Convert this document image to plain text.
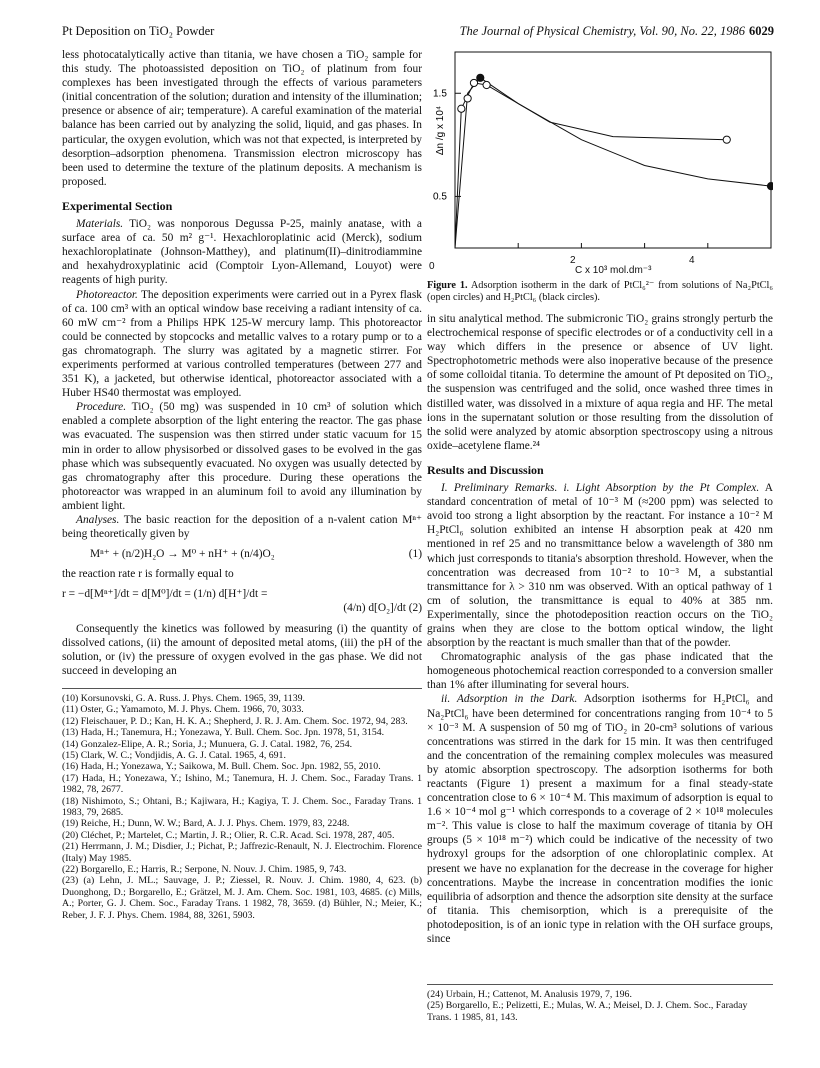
Pt Deposition on TiO₂ Powder	The Journal of Physical Chemistry, Vol. 90, No. 22, 1986 6029

less photocatalytically active than titania, we have chosen a TiO₂ sample for this study. The photoassisted deposition on TiO₂ of platinum from four complexes has been investigated through the effects of various parameters (initial concentration of the solution; duration and intensity of the illumination; presence or absence of air; temperature). A careful examination of the material balance has been carried out by analyzing the solid, liquid, and gas phases. In particular, the oxygen evolution, which was not that expected, is interpreted by desorption–adsorption phenomena. Transmission electron microscopy has been used to determine the texture of the platinum deposits. A mechanism is proposed.

Experimental Section

Materials. TiO₂ was nonporous Degussa P-25, mainly anatase, with a surface area of ca. 50 m² g⁻¹. Hexachloroplatinic acid (Merck), sodium hexachloroplatinate (Johnson-Matthey), and platinum(II)–dinitrodiammine and hexahydroxyplatinic acid (Comptoir Lyon-Allemand, Louyot) were reagents of high purity.

Photoreactor. The deposition experiments were carried out in a Pyrex flask of ca. 100 cm³ with an optical window base receiving a radiant intensity of ca. 60 mW cm⁻² from a Philips HPK 125-W mercury lamp. This photoreactor could be connected by stopcocks and metallic valves to a rotary pump or to a gas chromatograph. The slurry was agitated by a magnetic stirrer. For experiments performed at various controlled temperatures (between 277 and 351 K), a jacketed, but otherwise identical, photoreactor associated with a Huber HS40 thermostat was employed.

Procedure. TiO₂ (50 mg) was suspended in 10 cm³ of solution which enabled a complete absorption of the light entering the reactor. The gas phase was evacuated. The suspension was then stirred under static vacuum for 15 min in order to allow physisorbed or dissolved gases to be evolved in the gas phase which was subsequently evacuated. No oxygen was usually detected by gas chromatography after this procedure. During these operations the photoreactor was wrapped in an aluminum foil to avoid any illumination by ambient light.

Analyses. The basic reaction for the deposition of a n-valent cation Mⁿ⁺ being theoretically given by

Mⁿ⁺ + (n/2)H₂O → M⁰ + nH⁺ + (n/4)O₂	(1)

the reaction rate r is formally equal to

r = −d[Mⁿ⁺]/dt = d[M⁰]/dt = (1/n) d[H⁺]/dt =
(4/n) d[O₂]/dt (2)

Consequently the kinetics was followed by measuring (i) the quantity of dissolved cations, (ii) the amount of deposited metal atoms, (iii) the pH of the solution, or (iv) the pressure of oxygen evolved in the gas phase. We did not succeed in developing an

(10) Korsunovski, G. A. Russ. J. Phys. Chem. 1965, 39, 1139.
(11) Oster, G.; Yamamoto, M. J. Phys. Chem. 1966, 70, 3033.
(12) Fleischauer, P. D.; Kan, H. K. A.; Shepherd, J. R. J. Am. Chem. Soc. 1972, 94, 283.
(13) Hada, H.; Tanemura, H.; Yonezawa, Y. Bull. Chem. Soc. Jpn. 1978, 51, 3154.
(14) Gonzalez-Elipe, A. R.; Soria, J.; Munuera, G. J. Catal. 1982, 76, 254.
(15) Clark, W. C.; Vondjidis, A. G. J. Catal. 1965, 4, 691.
(16) Hada, H.; Yonezawa, Y.; Saikowa, M. Bull. Chem. Soc. Jpn. 1982, 55, 2010.
(17) Hada, H.; Yonezawa, Y.; Ishino, M.; Tanemura, H. J. Chem. Soc., Faraday Trans. 1 1982, 78, 2677.
(18) Nishimoto, S.; Ohtani, B.; Kajiwara, H.; Kagiya, T. J. Chem. Soc., Faraday Trans. 1 1983, 79, 2685.
(19) Reiche, H.; Dunn, W. W.; Bard, A. J. J. Phys. Chem. 1979, 83, 2248.
(20) Cléchet, P.; Martelet, C.; Martin, J. R.; Olier, R. C.R. Acad. Sci. 1978, 287, 405.
(21) Herrmann, J. M.; Disdier, J.; Pichat, P.; Jaffrezic-Renault, N. J. Electrochim. Florence (Italy) May 1985.
(22) Borgarello, E.; Harris, R.; Serpone, N. Nouv. J. Chim. 1985, 9, 743.
(23) (a) Lehn, J. ML.; Sauvage, J. P.; Ziessel, R. Nouv. J. Chim. 1980, 4, 623. (b) Duonghong, D.; Borgarello, E.; Grätzel, M. J. Am. Chem. Soc. 1981, 103, 4685. (c) Mills, A.; Porter, G. J. Chem. Soc., Faraday Trans. 1 1982, 78, 3659. (d) Bühler, N.; Meier, K.; Reber, J. F. J. Phys. Chem. 1984, 88, 3261, 5903.
Δn /g x 10⁴
1.5
0.5
0
2
C x 10³ mol.dm⁻³
4
Figure 1. Adsorption isotherm in the dark of PtCl₆²⁻ from solutions of Na₂PtCl₆ (open circles) and H₂PtCl₆ (black circles).

in situ analytical method. The submicronic TiO₂ grains strongly perturb the electrochemical response of specific electrodes or of a conductivity cell in a way which differs in the presence or absence of UV light. Spectrophotometric methods were also inoperative because of the presence of some colloidal titania. To determine the amount of Pt deposited on TiO₂, the suspension was centrifuged and the solid, once washed three times in distilled water, was dissolved in a mixture of aqua regia and HF. The metal ions in the supernatant solution or those resulting from the dissolution of the solid were analyzed by atomic absorption spectroscopy using a nitrous oxide–acetylene flame.²⁴

Results and Discussion

I. Preliminary Remarks. i. Light Absorption by the Pt Complex. A standard concentration of metal of 10⁻³ M (≈200 ppm) was selected to avoid too strong a light absorption by the reactant. For instance a 10⁻² M H₂PtCl₆ solution exhibited an intense H absorption peak at 420 nm mentioned in ref 25 and no transmittance below a wavelength of 380 nm which just corresponds to titania's absorption threshold. However, when the concentration was decreased from 10⁻² to 10⁻³ M, a substantial transmittance for λ > 310 nm was observed. With an optical pathway of 1 cm of solution, the transmittance is equal to 40% at 385 nm. Experimentally, since the photodeposition reaction occurs on the TiO₂ grains when they are close to the bottom optical window, the light absorption by the reactant is much smaller than that of the powder.

Chromatographic analysis of the gas phase indicated that the homogeneous photochemical reaction corresponded to a conversion smaller than 1% after illuminating for several hours.

ii. Adsorption in the Dark. Adsorption isotherms for H₂PtCl₆ and Na₂PtCl₆ have been determined for concentrations ranging from 10⁻⁴ to 5 × 10⁻³ M. A suspension of 50 mg of TiO₂ in 20-cm³ solutions of various concentrations was stirred in the dark for 15 min. It was then centrifuged and the concentration of the remaining complex molecules was measured by atomic absorption spectroscopy. The adsorption isotherms for both reactants (Figure 1) present a maximum for a final steady-state concentration close to 6 × 10⁻⁴ M. This maximum of adsorption is equal to 1.6 × 10⁻⁴ mol g⁻¹ which corresponds to a coverage of 2 × 10¹⁸ molecules m⁻². This value is close to half the maximum coverage of titania by OH groups (5 × 10¹⁸ m⁻²) which could be indicative of the necessity of two hydroxyl groups for the adsorption of one chloroplatinic complex. At present we have no explanation for the decrease in the coverage for higher concentrations. Maybe the increase in concentration modifies the ionic equilibria of adsorption and thence the adsorption site density at the surface of titania. This chemisorption, which is a prerequisite of the photodeposition, is of an ionic type in relation with the OH surface groups, since

(24) Urbain, H.; Cattenot, M. Analusis 1979, 7, 196.
(25) Borgarello, E.; Pelizetti, E.; Mulas, W. A.; Meisel, D. J. Chem. Soc., Faraday Trans. 1 1985, 81, 143.
